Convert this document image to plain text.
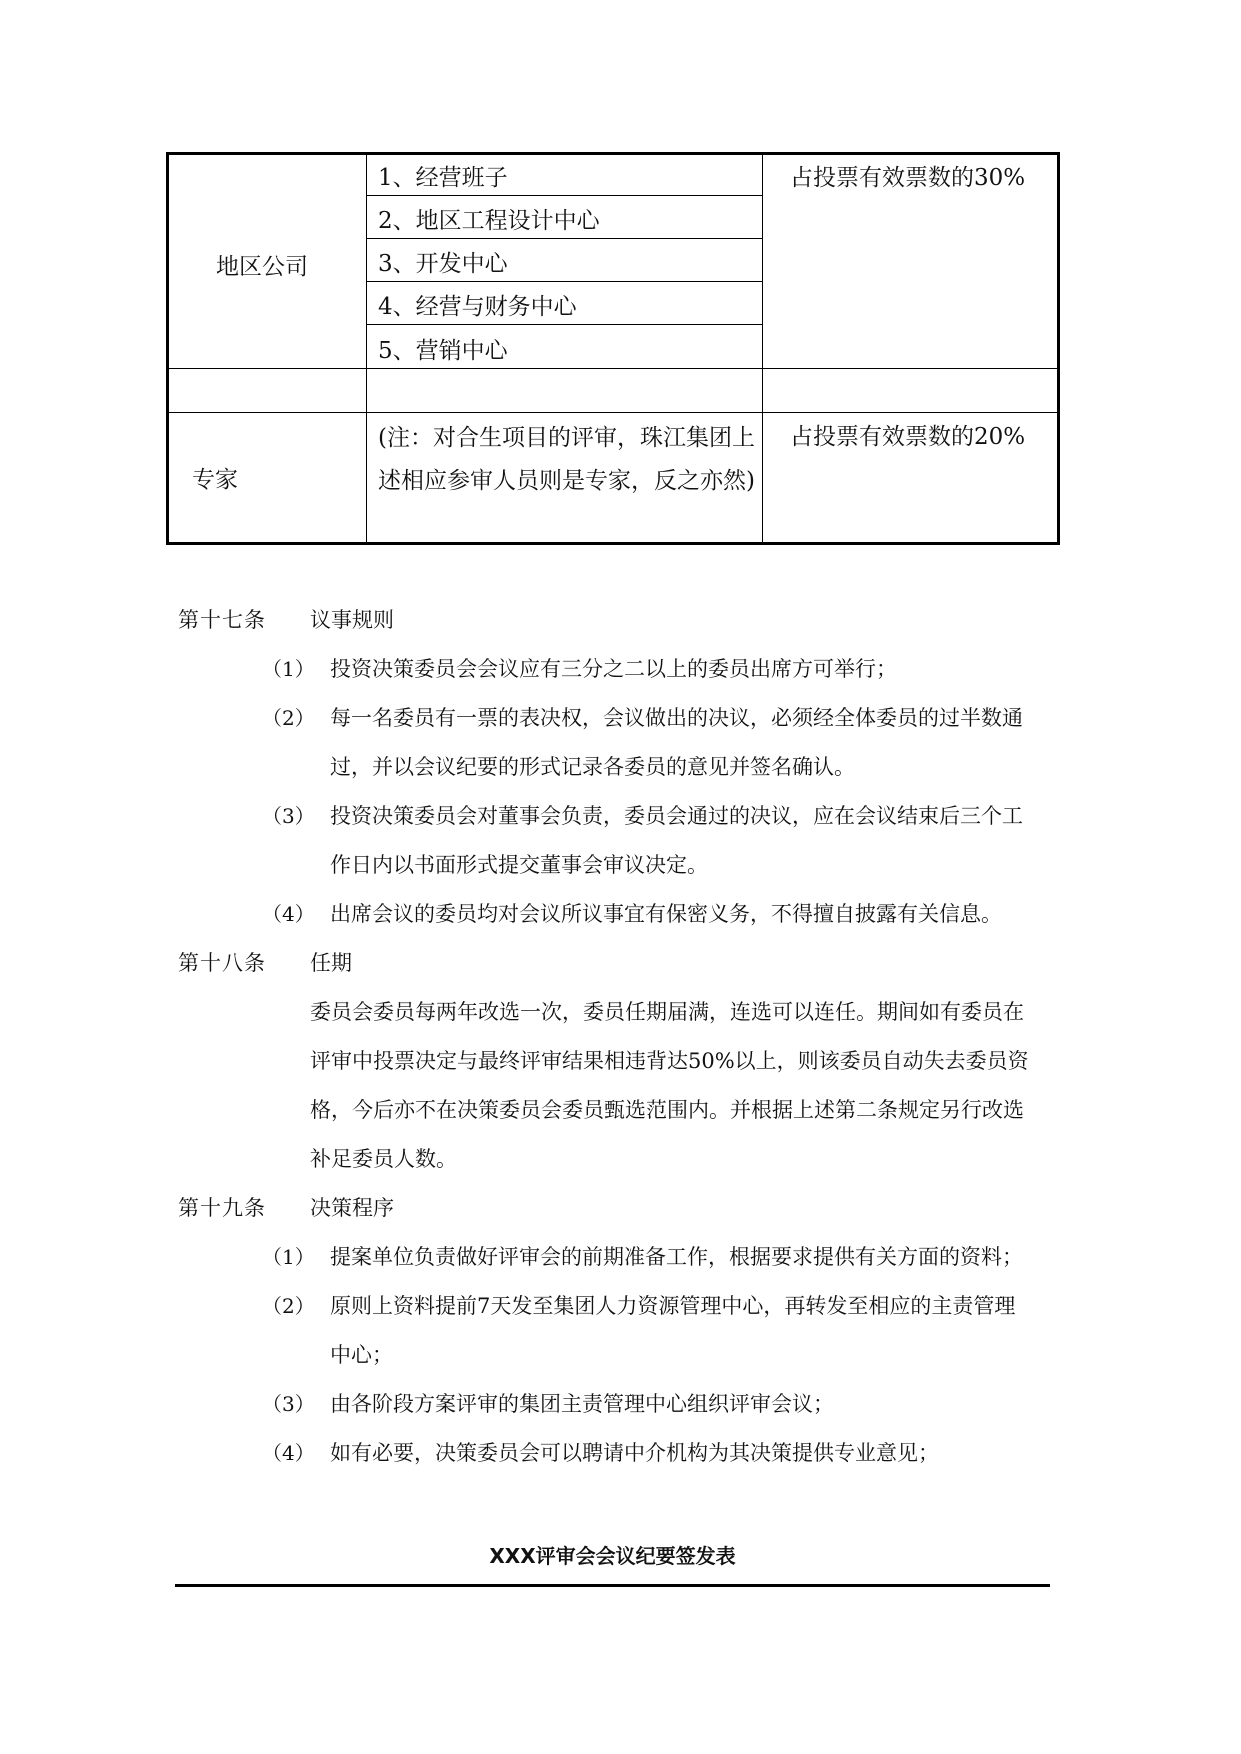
地区公司
1、经营班子
2、地区工程设计中心
3、开发中心
4、经营与财务中心
5、营销中心
占投票有效票数的30%
专家
(注：对合生项目的评审，珠江集团上述相应参审人员则是专家，反之亦然)
占投票有效票数的20%
第十七条 议事规则
（1） 投资决策委员会会议应有三分之二以上的委员出席方可举行；
（2） 每一名委员有一票的表决权，会议做出的决议，必须经全体委员的过半数通
过，并以会议纪要的形式记录各委员的意见并签名确认。
（3） 投资决策委员会对董事会负责，委员会通过的决议，应在会议结束后三个工
作日内以书面形式提交董事会审议决定。
（4） 出席会议的委员均对会议所议事宜有保密义务，不得擅自披露有关信息。
第十八条 任期
委员会委员每两年改选一次，委员任期届满，连选可以连任。期间如有委员在
评审中投票决定与最终评审结果相违背达50%以上，则该委员自动失去委员资
格，今后亦不在决策委员会委员甄选范围内。并根据上述第二条规定另行改选
补足委员人数。
第十九条 决策程序
（1） 提案单位负责做好评审会的前期准备工作，根据要求提供有关方面的资料；
（2） 原则上资料提前7天发至集团人力资源管理中心，再转发至相应的主责管理
中心；
（3） 由各阶段方案评审的集团主责管理中心组织评审会议；
（4） 如有必要，决策委员会可以聘请中介机构为其决策提供专业意见；
XXX评审会会议纪要签发表
